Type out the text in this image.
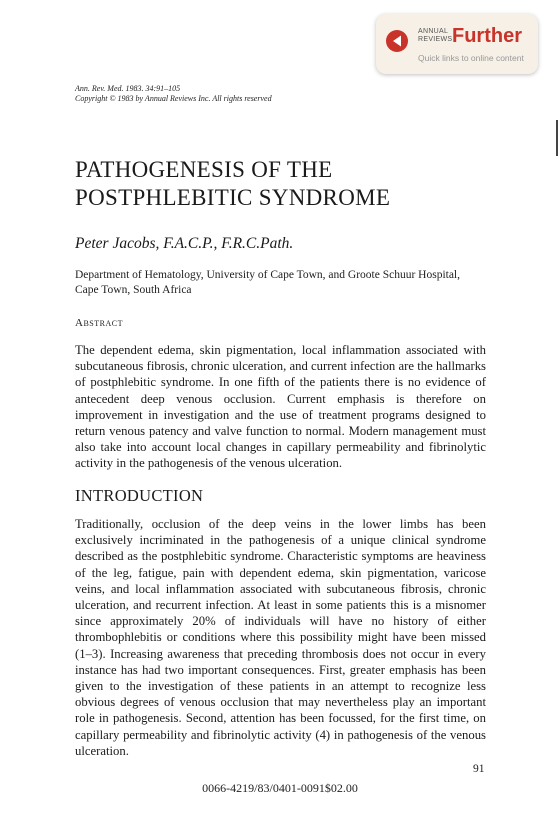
ANNUAL REVIEWS Further
Quick links to online content
Ann. Rev. Med. 1983. 34:91–105
Copyright © 1983 by Annual Reviews Inc. All rights reserved
PATHOGENESIS OF THE
POSTPHLEBITIC SYNDROME
Peter Jacobs, F.A.C.P., F.R.C.Path.
Department of Hematology, University of Cape Town, and Groote Schuur Hospital, Cape Town, South Africa
Abstract
The dependent edema, skin pigmentation, local inflammation associated with subcutaneous fibrosis, chronic ulceration, and current infection are the hallmarks of postphlebitic syndrome. In one fifth of the patients there is no evidence of antecedent deep venous occlusion. Current emphasis is therefore on improvement in investigation and the use of treatment programs designed to return venous patency and valve function to normal. Modern management must also take into account local changes in capillary permeability and fibrinolytic activity in the pathogenesis of the venous ulceration.
INTRODUCTION
Traditionally, occlusion of the deep veins in the lower limbs has been exclusively incriminated in the pathogenesis of a unique clinical syndrome described as the postphlebitic syndrome. Characteristic symptoms are heaviness of the leg, fatigue, pain with dependent edema, skin pigmentation, varicose veins, and local inflammation associated with subcutaneous fibrosis, chronic ulceration, and recurrent infection. At least in some patients this is a misnomer since approximately 20% of individuals will have no history of either thrombophlebitis or conditions where this possibility might have been missed (1–3). Increasing awareness that preceding thrombosis does not occur in every instance has had two important consequences. First, greater emphasis has been given to the investigation of these patients in an attempt to recognize less obvious degrees of venous occlusion that may nevertheless play an important role in pathogenesis. Second, attention has been focussed, for the first time, on capillary permeability and fibrinolytic activity (4) in pathogenesis of the venous ulceration.
91
0066-4219/83/0401-0091$02.00
